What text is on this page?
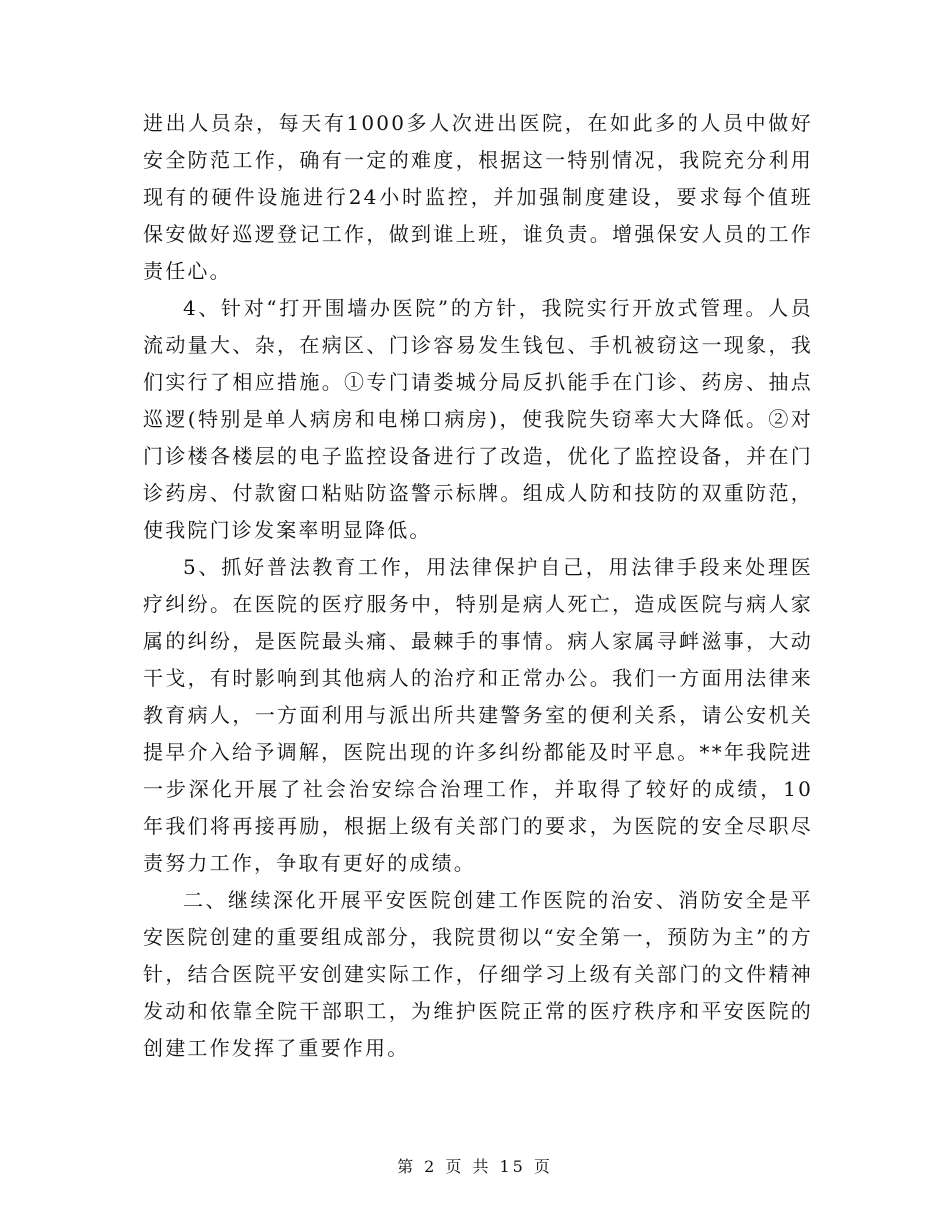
进出人员杂，每天有1000多人次进出医院，在如此多的人员中做好安全防范工作，确有一定的难度，根据这一特别情况，我院充分利用现有的硬件设施进行24小时监控，并加强制度建设，要求每个值班保安做好巡逻登记工作，做到谁上班，谁负责。增强保安人员的工作责任心。

4、针对“打开围墙办医院”的方针，我院实行开放式管理。人员流动量大、杂，在病区、门诊容易发生钱包、手机被窃这一现象，我们实行了相应措施。①专门请娄城分局反扒能手在门诊、药房、抽点巡逻(特别是单人病房和电梯口病房)，使我院失窃率大大降低。②对门诊楼各楼层的电子监控设备进行了改造，优化了监控设备，并在门诊药房、付款窗口粘贴防盗警示标牌。组成人防和技防的双重防范，使我院门诊发案率明显降低。

5、抓好普法教育工作，用法律保护自己，用法律手段来处理医疗纠纷。在医院的医疗服务中，特别是病人死亡，造成医院与病人家属的纠纷，是医院最头痛、最棘手的事情。病人家属寻衅滋事，大动干戈，有时影响到其他病人的治疗和正常办公。我们一方面用法律来教育病人，一方面利用与派出所共建警务室的便利关系，请公安机关提早介入给予调解，医院出现的许多纠纷都能及时平息。**年我院进一步深化开展了社会治安综合治理工作，并取得了较好的成绩，10年我们将再接再励，根据上级有关部门的要求，为医院的安全尽职尽责努力工作，争取有更好的成绩。

二、继续深化开展平安医院创建工作医院的治安、消防安全是平安医院创建的重要组成部分，我院贯彻以“安全第一，预防为主”的方针，结合医院平安创建实际工作，仔细学习上级有关部门的文件精神发动和依靠全院干部职工，为维护医院正常的医疗秩序和平安医院的创建工作发挥了重要作用。

第 2 页 共 15 页
